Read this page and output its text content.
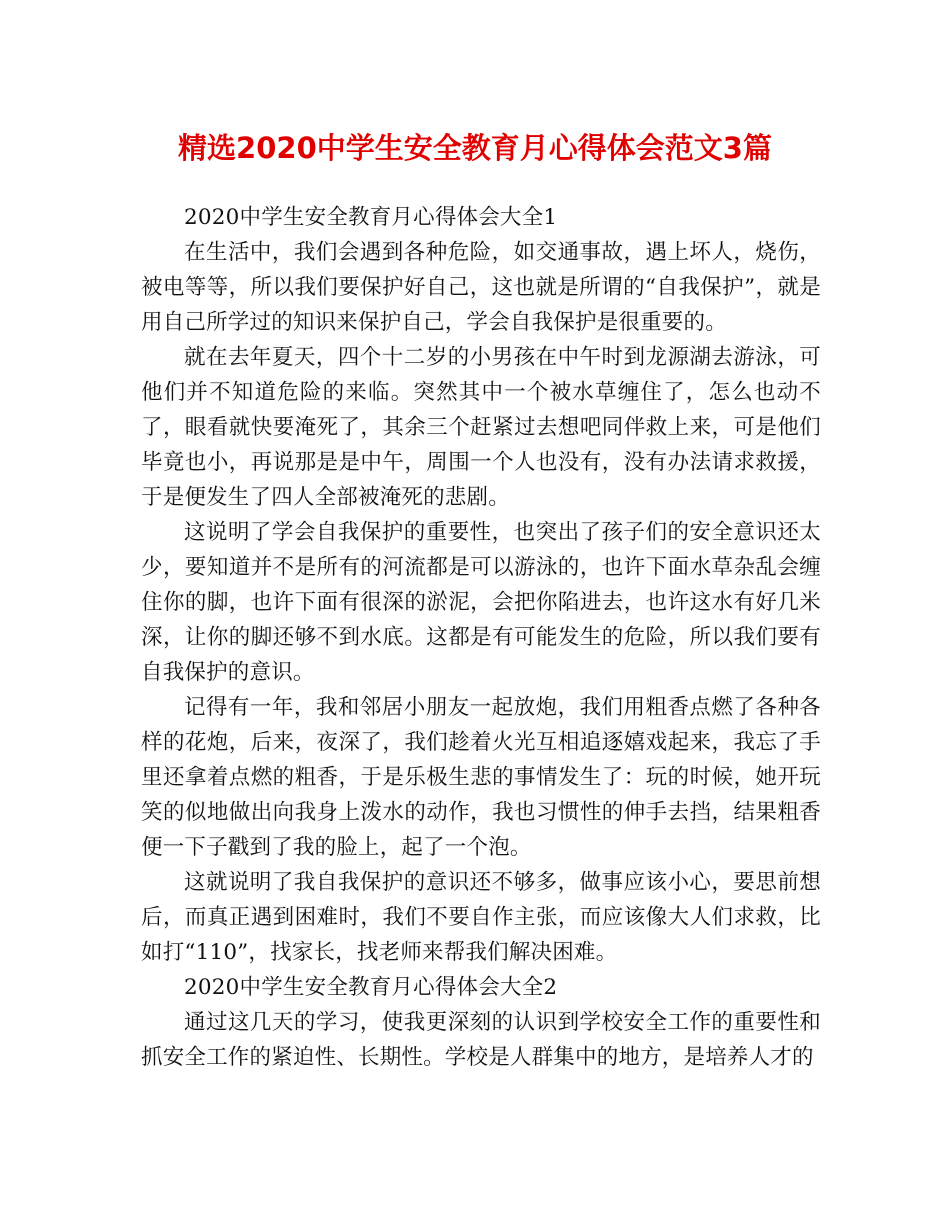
精选2020中学生安全教育月心得体会范文3篇

2020中学生安全教育月心得体会大全1

在生活中，我们会遇到各种危险，如交通事故，遇上坏人，烧伤，被电等等，所以我们要保护好自己，这也就是所谓的“自我保护”，就是用自己所学过的知识来保护自己，学会自我保护是很重要的。

就在去年夏天，四个十二岁的小男孩在中午时到龙源湖去游泳，可他们并不知道危险的来临。突然其中一个被水草缠住了，怎么也动不了，眼看就快要淹死了，其余三个赶紧过去想吧同伴救上来，可是他们毕竟也小，再说那是是中午，周围一个人也没有，没有办法请求救援，于是便发生了四人全部被淹死的悲剧。

这说明了学会自我保护的重要性，也突出了孩子们的安全意识还太少，要知道并不是所有的河流都是可以游泳的，也许下面水草杂乱会缠住你的脚，也许下面有很深的淤泥，会把你陷进去，也许这水有好几米深，让你的脚还够不到水底。这都是有可能发生的危险，所以我们要有自我保护的意识。

记得有一年，我和邻居小朋友一起放炮，我们用粗香点燃了各种各样的花炮，后来，夜深了，我们趁着火光互相追逐嬉戏起来，我忘了手里还拿着点燃的粗香，于是乐极生悲的事情发生了：玩的时候，她开玩笑的似地做出向我身上泼水的动作，我也习惯性的伸手去挡，结果粗香便一下子戳到了我的脸上，起了一个泡。

这就说明了我自我保护的意识还不够多，做事应该小心，要思前想后，而真正遇到困难时，我们不要自作主张，而应该像大人们求救，比如打“110”，找家长，找老师来帮我们解决困难。

2020中学生安全教育月心得体会大全2

通过这几天的学习，使我更深刻的认识到学校安全工作的重要性和抓安全工作的紧迫性、长期性。学校是人群集中的地方，是培养人才的
